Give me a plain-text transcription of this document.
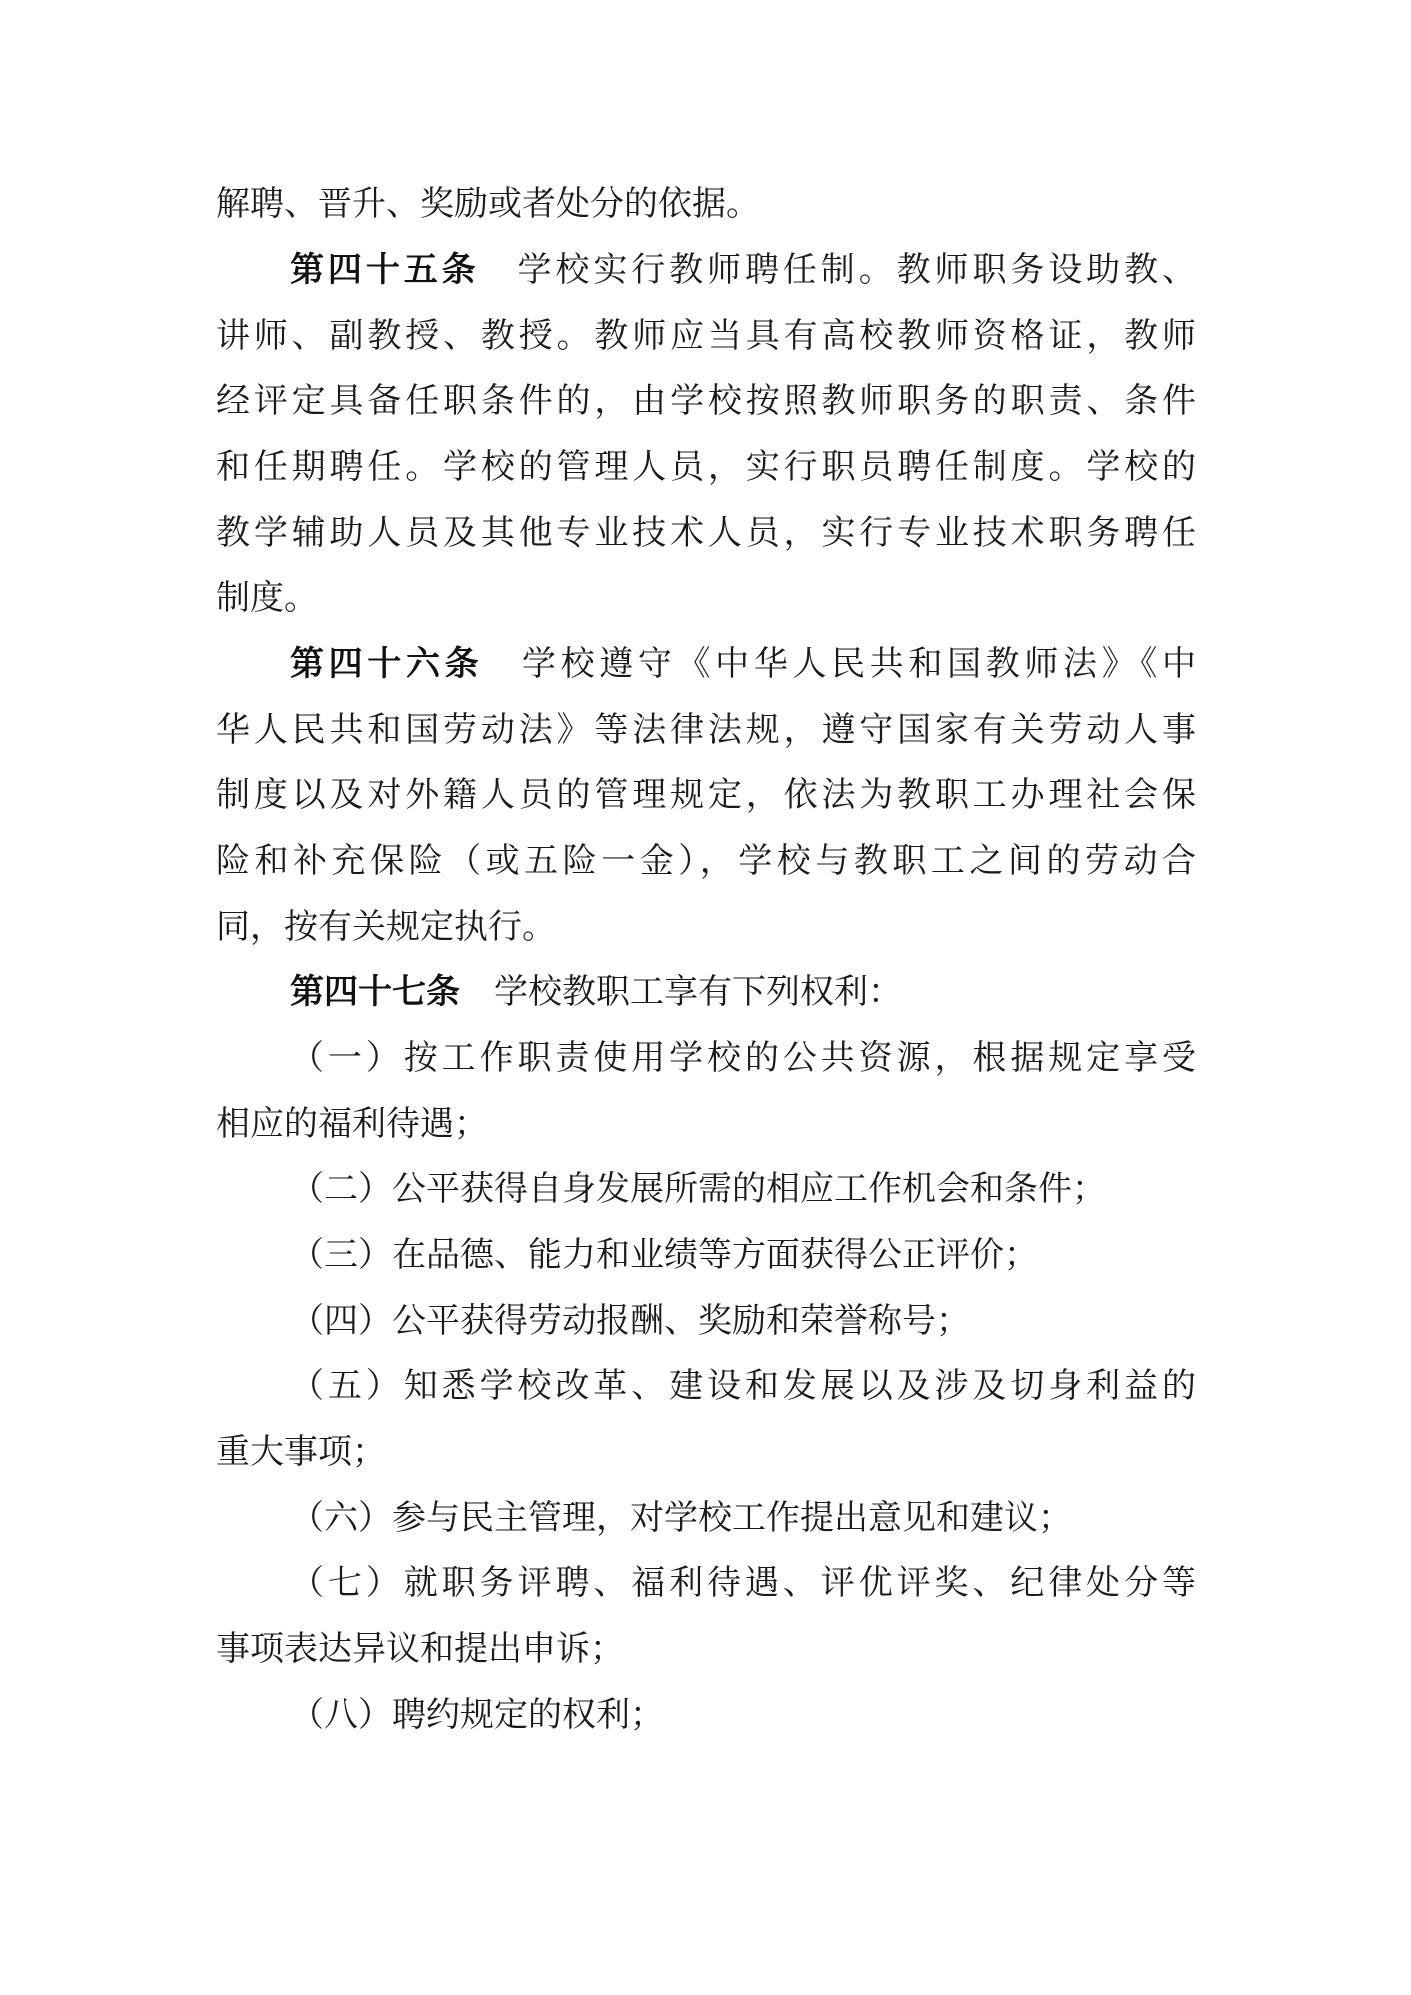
解聘、晋升、奖励或者处分的依据。
第四十五条  学校实行教师聘任制。教师职务设助教、
讲师、副教授、教授。教师应当具有高校教师资格证，教师
经评定具备任职条件的，由学校按照教师职务的职责、条件
和任期聘任。学校的管理人员，实行职员聘任制度。学校的
教学辅助人员及其他专业技术人员，实行专业技术职务聘任
制度。
第四十六条  学校遵守《中华人民共和国教师法》《中
华人民共和国劳动法》等法律法规，遵守国家有关劳动人事
制度以及对外籍人员的管理规定，依法为教职工办理社会保
险和补充保险（或五险一金），学校与教职工之间的劳动合
同，按有关规定执行。
第四十七条  学校教职工享有下列权利：
（一）按工作职责使用学校的公共资源，根据规定享受
相应的福利待遇；
（二）公平获得自身发展所需的相应工作机会和条件；
（三）在品德、能力和业绩等方面获得公正评价；
（四）公平获得劳动报酬、奖励和荣誉称号；
（五）知悉学校改革、建设和发展以及涉及切身利益的
重大事项；
（六）参与民主管理，对学校工作提出意见和建议；
（七）就职务评聘、福利待遇、评优评奖、纪律处分等
事项表达异议和提出申诉；
（八）聘约规定的权利；
